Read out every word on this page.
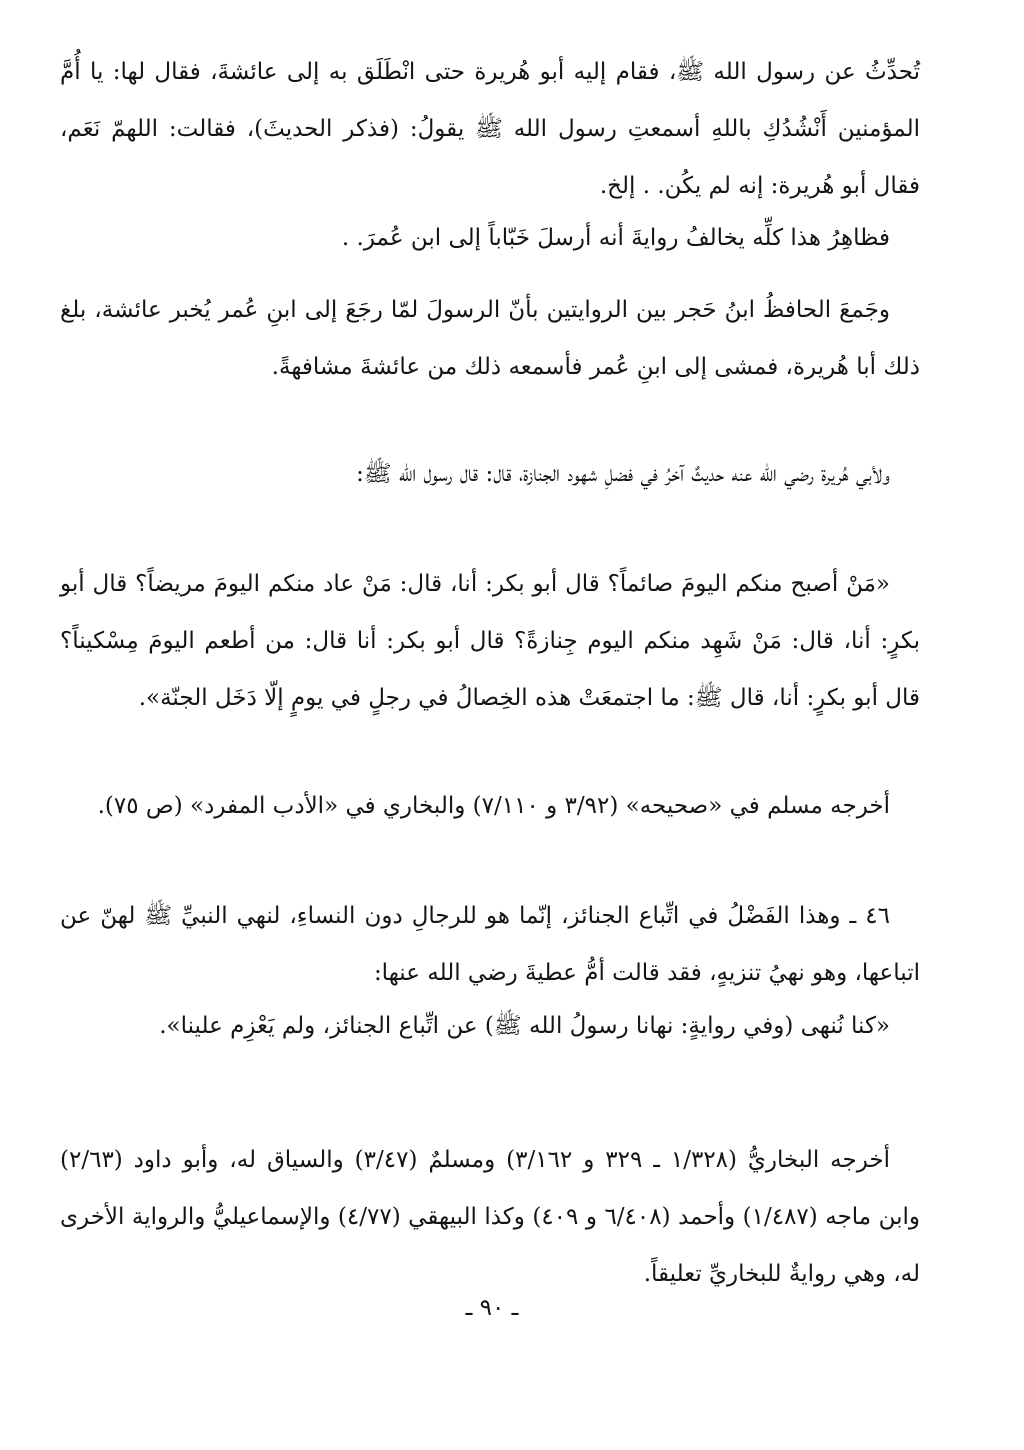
تُحدِّثُ عن رسول الله ﷺ، فقام إليه أبو هُريرة حتى انْطَلَق به إلى عائشةَ، فقال لها: يا أُمَّ المؤمنين أَنْشُدُكِ باللهِ أسمعتِ رسول الله ﷺ يقولُ: (فذكر الحديثَ)، فقالت: اللهمّ نَعَم، فقال أبو هُريرة: إنه لم يكُن. . إلخ.

فظاهِرُ هذا كلِّه يخالفُ روايةَ أنه أرسلَ خَبّاباً إلى ابن عُمرَ. .

وجَمعَ الحافظُ ابنُ حَجر بين الروايتين بأنّ الرسولَ لمّا رجَعَ إلى ابنِ عُمر يُخبر عائشة، بلغ ذلك أبا هُريرة، فمشى إلى ابنِ عُمر فأسمعه ذلك من عائشةَ مشافهةً.

ولأبي هُريرة رضي الله عنه حديثٌ آخرُ في فضلِ شهود الجنازة، قال: قال رسول الله ﷺ:

«مَنْ أصبح منكم اليومَ صائماً؟ قال أبو بكر: أنا، قال: مَنْ عاد منكم اليومَ مريضاً؟ قال أبو بكرٍ: أنا، قال: مَنْ شَهِد منكم اليوم جِنازةً؟ قال أبو بكر: أنا قال: من أطعم اليومَ مِسْكيناً؟ قال أبو بكرٍ: أنا، قال ﷺ: ما اجتمعَتْ هذه الخِصالُ في رجلٍ في يومٍ إلّا دَخَل الجنّة».

أخرجه مسلم في «صحيحه» (٣/٩٢ و ٧/١١٠) والبخاري في «الأدب المفرد» (ص ٧٥).

٤٦ ـ وهذا الفَضْلُ في اتِّباع الجنائز، إنّما هو للرجالِ دون النساءِ، لنهي النبيِّ ﷺ لهنّ عن اتباعها، وهو نهيُ تنزيهٍ، فقد قالت أمُّ عطيةَ رضي الله عنها:

«كنا نُنهى (وفي روايةٍ: نهانا رسولُ الله ﷺ) عن اتِّباع الجنائز، ولم يَعْزِم علينا».

أخرجه البخاريُّ (١/٣٢٨ ـ ٣٢٩ و ٣/١٦٢) ومسلمٌ (٣/٤٧) والسياق له، وأبو داود (٢/٦٣) وابن ماجه (١/٤٨٧) وأحمد (٦/٤٠٨ و ٤٠٩) وكذا البيهقي (٤/٧٧) والإسماعيليُّ والرواية الأخرى له، وهي روايةٌ للبخاريِّ تعليقاً.

ـ ٩٠ ـ
